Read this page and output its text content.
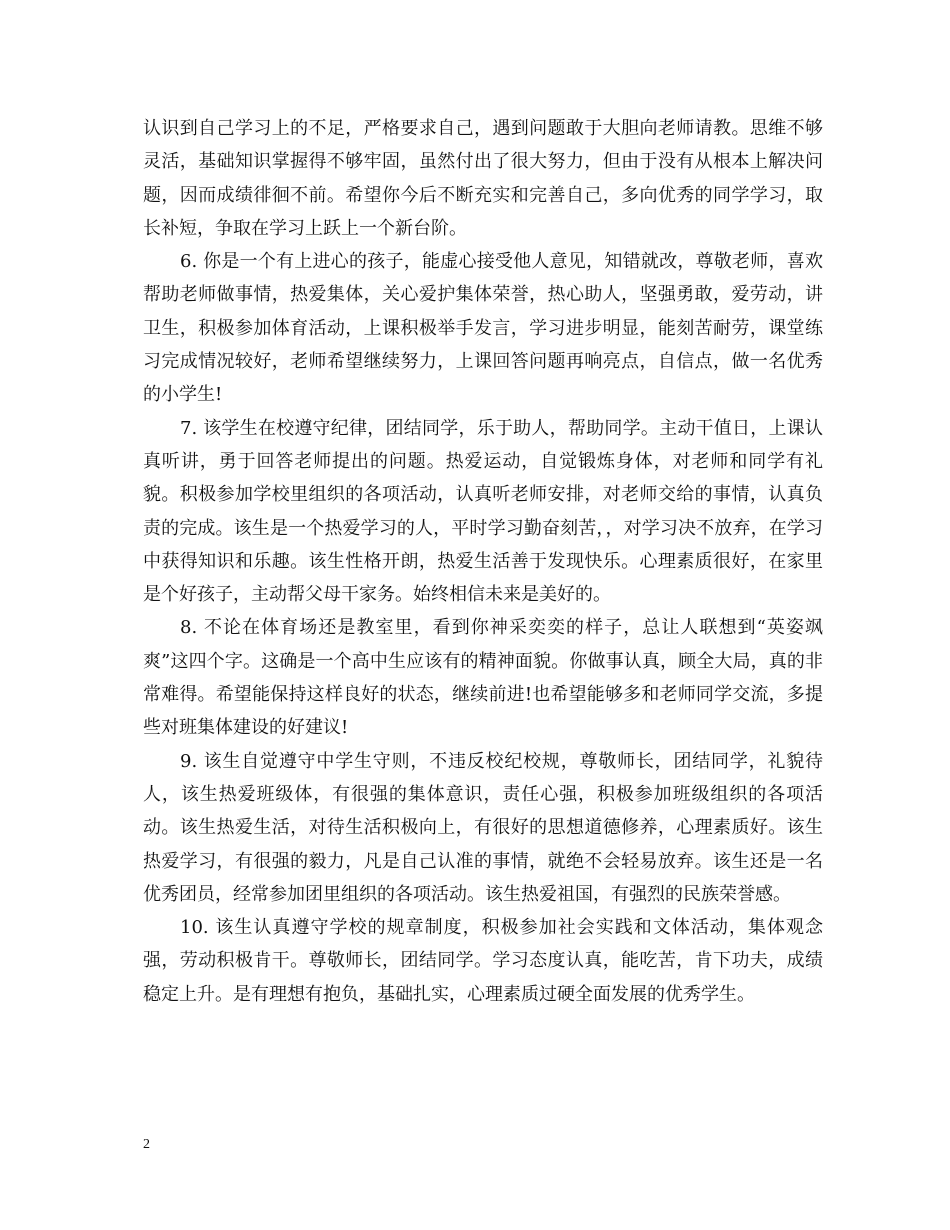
认识到自己学习上的不足，严格要求自己，遇到问题敢于大胆向老师请教。思维不够灵活，基础知识掌握得不够牢固，虽然付出了很大努力，但由于没有从根本上解决问题，因而成绩徘徊不前。希望你今后不断充实和完善自己，多向优秀的同学学习，取长补短，争取在学习上跃上一个新台阶。

6. 你是一个有上进心的孩子，能虚心接受他人意见，知错就改，尊敬老师，喜欢帮助老师做事情，热爱集体，关心爱护集体荣誉，热心助人，坚强勇敢，爱劳动，讲卫生，积极参加体育活动，上课积极举手发言，学习进步明显，能刻苦耐劳，课堂练习完成情况较好，老师希望继续努力，上课回答问题再响亮点，自信点，做一名优秀的小学生!

7. 该学生在校遵守纪律，团结同学，乐于助人，帮助同学。主动干值日，上课认真听讲，勇于回答老师提出的问题。热爱运动，自觉锻炼身体，对老师和同学有礼貌。积极参加学校里组织的各项活动，认真听老师安排，对老师交给的事情，认真负责的完成。该生是一个热爱学习的人，平时学习勤奋刻苦，，对学习决不放弃，在学习中获得知识和乐趣。该生性格开朗，热爱生活善于发现快乐。心理素质很好，在家里是个好孩子，主动帮父母干家务。始终相信未来是美好的。

8. 不论在体育场还是教室里，看到你神采奕奕的样子，总让人联想到“英姿飒爽”这四个字。这确是一个高中生应该有的精神面貌。你做事认真，顾全大局，真的非常难得。希望能保持这样良好的状态，继续前进!也希望能够多和老师同学交流，多提些对班集体建设的好建议!

9. 该生自觉遵守中学生守则，不违反校纪校规，尊敬师长，团结同学，礼貌待人，该生热爱班级体，有很强的集体意识，责任心强，积极参加班级组织的各项活动。该生热爱生活，对待生活积极向上，有很好的思想道德修养，心理素质好。该生热爱学习，有很强的毅力，凡是自己认准的事情，就绝不会轻易放弃。该生还是一名优秀团员，经常参加团里组织的各项活动。该生热爱祖国，有强烈的民族荣誉感。

10. 该生认真遵守学校的规章制度，积极参加社会实践和文体活动，集体观念强，劳动积极肯干。尊敬师长，团结同学。学习态度认真，能吃苦，肯下功夫，成绩稳定上升。是有理想有抱负，基础扎实，心理素质过硬全面发展的优秀学生。

2
